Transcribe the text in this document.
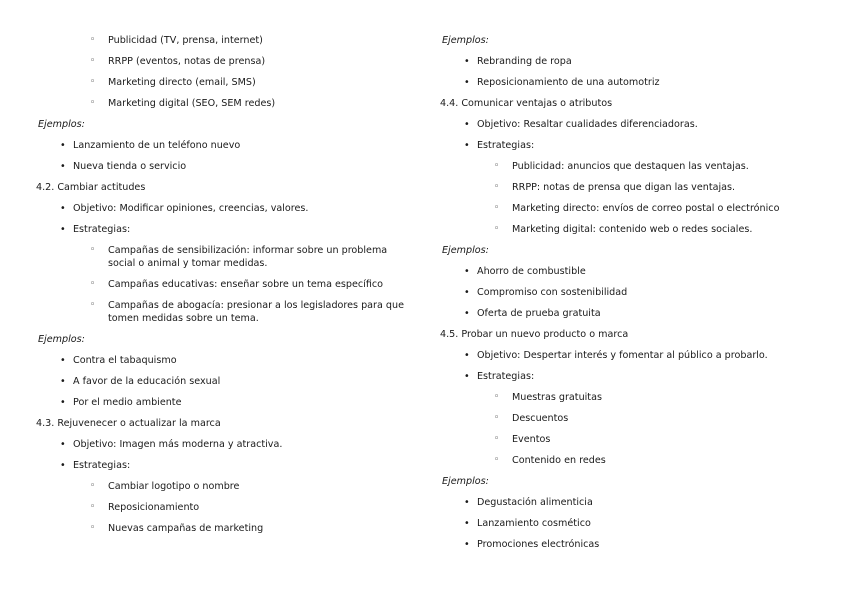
◦ Publicidad (TV, prensa, internet)
◦ RRPP (eventos, notas de prensa)
◦ Marketing directo (email, SMS)
◦ Marketing digital (SEO, SEM redes)
Ejemplos:
• Lanzamiento de un teléfono nuevo
• Nueva tienda o servicio
4.2. Cambiar actitudes
• Objetivo: Modificar opiniones, creencias, valores.
• Estrategias:
◦ Campañas de sensibilización: informar sobre un problema social o animal y tomar medidas.
◦ Campañas educativas: enseñar sobre un tema específico
◦ Campañas de abogacía: presionar a los legisladores para que tomen medidas sobre un tema.
Ejemplos:
• Contra el tabaquismo
• A favor de la educación sexual
• Por el medio ambiente
4.3. Rejuvenecer o actualizar la marca
• Objetivo: Imagen más moderna y atractiva.
• Estrategias:
◦ Cambiar logotipo o nombre
◦ Reposicionamiento
◦ Nuevas campañas de marketing
Ejemplos:
• Rebranding de ropa
• Reposicionamiento de una automotriz
4.4. Comunicar ventajas o atributos
• Objetivo: Resaltar cualidades diferenciadoras.
• Estrategias:
◦ Publicidad: anuncios que destaquen las ventajas.
◦ RRPP: notas de prensa que digan las ventajas.
◦ Marketing directo: envíos de correo postal o electrónico
◦ Marketing digital: contenido web o redes sociales.
Ejemplos:
• Ahorro de combustible
• Compromiso con sostenibilidad
• Oferta de prueba gratuita
4.5. Probar un nuevo producto o marca
• Objetivo: Despertar interés y fomentar al público a probarlo.
• Estrategias:
◦ Muestras gratuitas
◦ Descuentos
◦ Eventos
◦ Contenido en redes
Ejemplos:
• Degustación alimenticia
• Lanzamiento cosmético
• Promociones electrónicas
